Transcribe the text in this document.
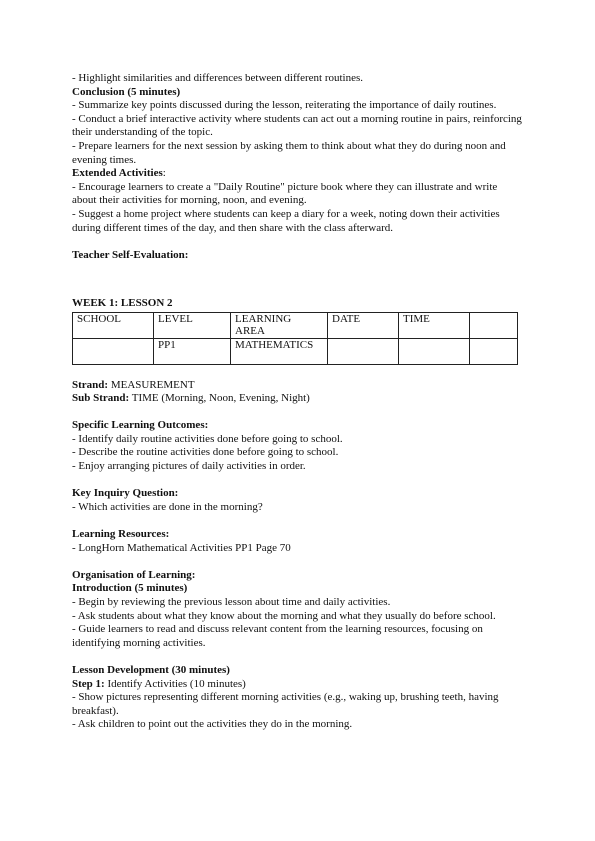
- Highlight similarities and differences between different routines.

Conclusion (5 minutes)

- Summarize key points discussed during the lesson, reiterating the importance of daily routines.

- Conduct a brief interactive activity where students can act out a morning routine in pairs, reinforcing their understanding of the topic.

- Prepare learners for the next session by asking them to think about what they do during noon and evening times.

Extended Activities:

- Encourage learners to create a "Daily Routine" picture book where they can illustrate and write about their activities for morning, noon, and evening.

- Suggest a home project where students can keep a diary for a week, noting down their activities during different times of the day, and then share with the class afterward.

Teacher Self-Evaluation:

WEEK 1: LESSON 2

SCHOOL	LEVEL	LEARNING AREA	DATE	TIME	
	PP1	MATHEMATICS			

Strand: MEASUREMENT

Sub Strand: TIME (Morning, Noon, Evening, Night)

Specific Learning Outcomes:

- Identify daily routine activities done before going to school.

- Describe the routine activities done before going to school.

- Enjoy arranging pictures of daily activities in order.

Key Inquiry Question:

- Which activities are done in the morning?

Learning Resources:

- LongHorn Mathematical Activities PP1 Page 70

Organisation of Learning:

Introduction (5 minutes)

- Begin by reviewing the previous lesson about time and daily activities.

- Ask students about what they know about the morning and what they usually do before school.

- Guide learners to read and discuss relevant content from the learning resources, focusing on identifying morning activities.

Lesson Development (30 minutes)

Step 1: Identify Activities (10 minutes)

- Show pictures representing different morning activities (e.g., waking up, brushing teeth, having breakfast).

- Ask children to point out the activities they do in the morning.
